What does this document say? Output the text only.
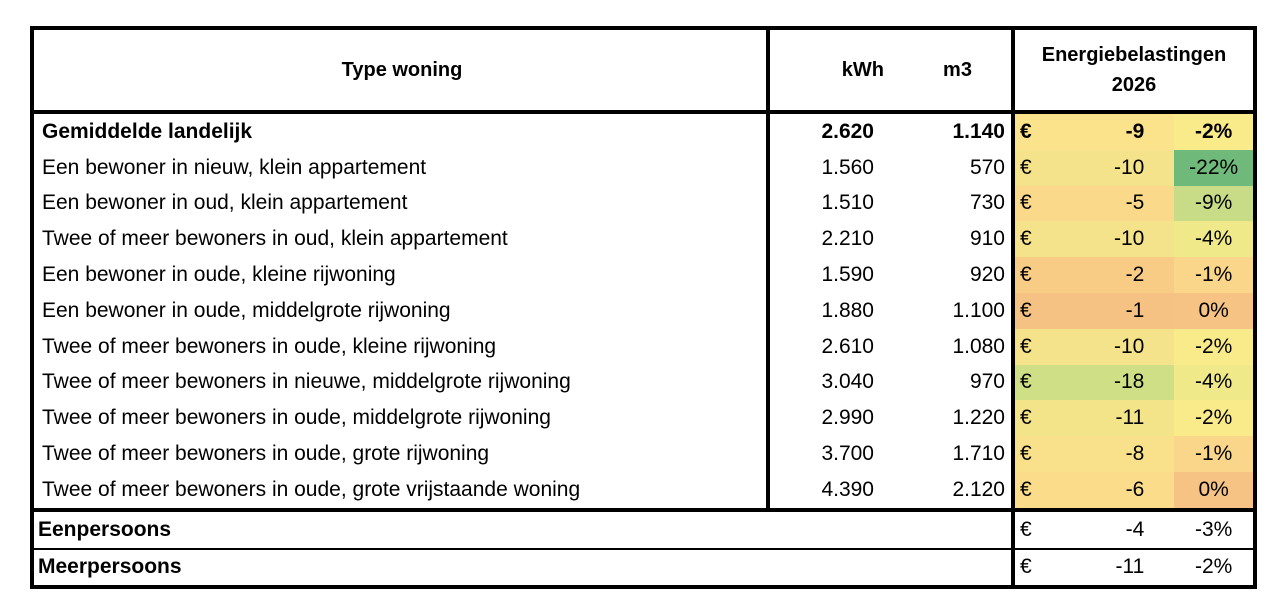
Type woning	kWh	m3	Energiebelastingen
2026		
Gemiddelde landelijk	2.620	1.140	€	-9	-2%
Een bewoner in nieuw, klein appartement	1.560	570	€	-10	-22%
Een bewoner in oud, klein appartement	1.510	730	€	-5	-9%
Twee of meer bewoners in oud, klein appartement	2.210	910	€	-10	-4%
Een bewoner in oude, kleine rijwoning	1.590	920	€	-2	-1%
Een bewoner in oude, middelgrote rijwoning	1.880	1.100	€	-1	0%
Twee of meer bewoners in oude, kleine rijwoning	2.610	1.080	€	-10	-2%
Twee of meer bewoners in nieuwe, middelgrote rijwoning	3.040	970	€	-18	-4%
Twee of meer bewoners in oude, middelgrote rijwoning	2.990	1.220	€	-11	-2%
Twee of meer bewoners in oude, grote rijwoning	3.700	1.710	€	-8	-1%
Twee of meer bewoners in oude, grote vrijstaande woning	4.390	2.120	€	-6	0%
Eenpersoons			€	-4	-3%
Meerpersoons			€	-11	-2%
